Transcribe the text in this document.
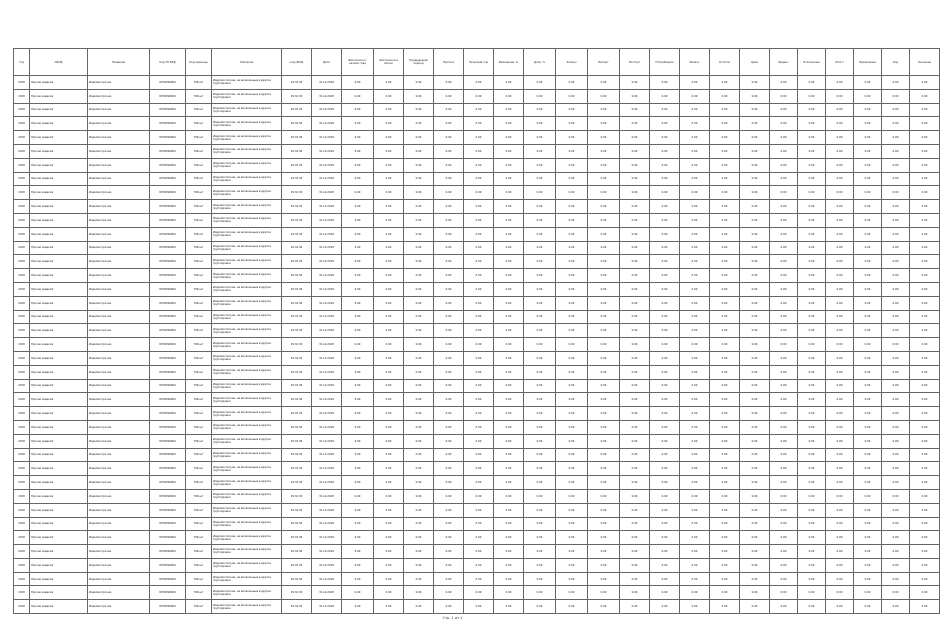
Год	ОКПД	Название	Код ТН ВЭД	Код единицы	Описание	код ОКПД	Дата	Фактически с начала года	Фактически в месяц	Предыдущий период	Прогноз	Прошлый год	Изменение, %	Доля, %	Запасы	Импорт	Экспорт	Потребление	Баланс	Остаток	Цена	Индекс	Отклонение	Итого	Примечание	Код	Значение
2018	Прочие изделия	Изделия прочие	8708299000	796 шт	Изделия прочие, не включенные в другие группировки	29.32.30	31.12.2018	0.00	0.00	0.00	0.00	0.00	0.00	0.00	0.00	0.00	0.00	0.00	0.00	0.00	0.00	0.00	0.00	0.00	0.00	0.00	0.00
2018	Прочие изделия	Изделия прочие	8708299000	796 шт	Изделия прочие, не включенные в другие группировки	29.32.30	31.12.2018	0.00	0.00	0.00	0.00	0.00	0.00	0.00	0.00	0.00	0.00	0.00	0.00	0.00	0.00	0.00	0.00	0.00	0.00	0.00	0.00
2018	Прочие изделия	Изделия прочие	8708299000	796 шт	Изделия прочие, не включенные в другие группировки	29.32.30	31.12.2018	0.00	0.00	0.00	0.00	0.00	0.00	0.00	0.00	0.00	0.00	0.00	0.00	0.00	0.00	0.00	0.00	0.00	0.00	0.00	0.00
2018	Прочие изделия	Изделия прочие	8708299000	796 шт	Изделия прочие, не включенные в другие группировки	29.32.30	31.12.2018	0.00	0.00	0.00	0.00	0.00	0.00	0.00	0.00	0.00	0.00	0.00	0.00	0.00	0.00	0.00	0.00	0.00	0.00	0.00	0.00
2018	Прочие изделия	Изделия прочие	8708299000	796 шт	Изделия прочие, не включенные в другие группировки	29.32.30	31.12.2018	0.00	0.00	0.00	0.00	0.00	0.00	0.00	0.00	0.00	0.00	0.00	0.00	0.00	0.00	0.00	0.00	0.00	0.00	0.00	0.00
2018	Прочие изделия	Изделия прочие	8708299000	796 шт	Изделия прочие, не включенные в другие группировки	29.32.30	31.12.2018	0.00	0.00	0.00	0.00	0.00	0.00	0.00	0.00	0.00	0.00	0.00	0.00	0.00	0.00	0.00	0.00	0.00	0.00	0.00	0.00
2018	Прочие изделия	Изделия прочие	8708299000	796 шт	Изделия прочие, не включенные в другие группировки	29.32.30	31.12.2018	0.00	0.00	0.00	0.00	0.00	0.00	0.00	0.00	0.00	0.00	0.00	0.00	0.00	0.00	0.00	0.00	0.00	0.00	0.00	0.00
2018	Прочие изделия	Изделия прочие	8708299000	796 шт	Изделия прочие, не включенные в другие группировки	29.32.30	31.12.2018	0.00	0.00	0.00	0.00	0.00	0.00	0.00	0.00	0.00	0.00	0.00	0.00	0.00	0.00	0.00	0.00	0.00	0.00	0.00	0.00
2018	Прочие изделия	Изделия прочие	8708299000	796 шт	Изделия прочие, не включенные в другие группировки	29.32.30	31.12.2018	0.00	0.00	0.00	0.00	0.00	0.00	0.00	0.00	0.00	0.00	0.00	0.00	0.00	0.00	0.00	0.00	0.00	0.00	0.00	0.00
2018	Прочие изделия	Изделия прочие	8708299000	796 шт	Изделия прочие, не включенные в другие группировки	29.32.30	31.12.2018	0.00	0.00	0.00	0.00	0.00	0.00	0.00	0.00	0.00	0.00	0.00	0.00	0.00	0.00	0.00	0.00	0.00	0.00	0.00	0.00
2018	Прочие изделия	Изделия прочие	8708299000	796 шт	Изделия прочие, не включенные в другие группировки	29.32.30	31.12.2018	0.00	0.00	0.00	0.00	0.00	0.00	0.00	0.00	0.00	0.00	0.00	0.00	0.00	0.00	0.00	0.00	0.00	0.00	0.00	0.00
2018	Прочие изделия	Изделия прочие	8708299000	796 шт	Изделия прочие, не включенные в другие группировки	29.32.30	31.12.2018	0.00	0.00	0.00	0.00	0.00	0.00	0.00	0.00	0.00	0.00	0.00	0.00	0.00	0.00	0.00	0.00	0.00	0.00	0.00	0.00
2018	Прочие изделия	Изделия прочие	8708299000	796 шт	Изделия прочие, не включенные в другие группировки	29.32.30	31.12.2018	0.00	0.00	0.00	0.00	0.00	0.00	0.00	0.00	0.00	0.00	0.00	0.00	0.00	0.00	0.00	0.00	0.00	0.00	0.00	0.00
2018	Прочие изделия	Изделия прочие	8708299000	796 шт	Изделия прочие, не включенные в другие группировки	29.32.30	31.12.2018	0.00	0.00	0.00	0.00	0.00	0.00	0.00	0.00	0.00	0.00	0.00	0.00	0.00	0.00	0.00	0.00	0.00	0.00	0.00	0.00
2018	Прочие изделия	Изделия прочие	8708299000	796 шт	Изделия прочие, не включенные в другие группировки	29.32.30	31.12.2018	0.00	0.00	0.00	0.00	0.00	0.00	0.00	0.00	0.00	0.00	0.00	0.00	0.00	0.00	0.00	0.00	0.00	0.00	0.00	0.00
2018	Прочие изделия	Изделия прочие	8708299000	796 шт	Изделия прочие, не включенные в другие группировки	29.32.30	31.12.2018	0.00	0.00	0.00	0.00	0.00	0.00	0.00	0.00	0.00	0.00	0.00	0.00	0.00	0.00	0.00	0.00	0.00	0.00	0.00	0.00
2018	Прочие изделия	Изделия прочие	8708299000	796 шт	Изделия прочие, не включенные в другие группировки	29.32.30	31.12.2018	0.00	0.00	0.00	0.00	0.00	0.00	0.00	0.00	0.00	0.00	0.00	0.00	0.00	0.00	0.00	0.00	0.00	0.00	0.00	0.00
2018	Прочие изделия	Изделия прочие	8708299000	796 шт	Изделия прочие, не включенные в другие группировки	29.32.30	31.12.2018	0.00	0.00	0.00	0.00	0.00	0.00	0.00	0.00	0.00	0.00	0.00	0.00	0.00	0.00	0.00	0.00	0.00	0.00	0.00	0.00
2018	Прочие изделия	Изделия прочие	8708299000	796 шт	Изделия прочие, не включенные в другие группировки	29.32.30	31.12.2018	0.00	0.00	0.00	0.00	0.00	0.00	0.00	0.00	0.00	0.00	0.00	0.00	0.00	0.00	0.00	0.00	0.00	0.00	0.00	0.00
2018	Прочие изделия	Изделия прочие	8708299000	796 шт	Изделия прочие, не включенные в другие группировки	29.32.30	31.12.2018	0.00	0.00	0.00	0.00	0.00	0.00	0.00	0.00	0.00	0.00	0.00	0.00	0.00	0.00	0.00	0.00	0.00	0.00	0.00	0.00
2018	Прочие изделия	Изделия прочие	8708299000	796 шт	Изделия прочие, не включенные в другие группировки	29.32.30	31.12.2018	0.00	0.00	0.00	0.00	0.00	0.00	0.00	0.00	0.00	0.00	0.00	0.00	0.00	0.00	0.00	0.00	0.00	0.00	0.00	0.00
2018	Прочие изделия	Изделия прочие	8708299000	796 шт	Изделия прочие, не включенные в другие группировки	29.32.30	31.12.2018	0.00	0.00	0.00	0.00	0.00	0.00	0.00	0.00	0.00	0.00	0.00	0.00	0.00	0.00	0.00	0.00	0.00	0.00	0.00	0.00
2018	Прочие изделия	Изделия прочие	8708299000	796 шт	Изделия прочие, не включенные в другие группировки	29.32.30	31.12.2018	0.00	0.00	0.00	0.00	0.00	0.00	0.00	0.00	0.00	0.00	0.00	0.00	0.00	0.00	0.00	0.00	0.00	0.00	0.00	0.00
2018	Прочие изделия	Изделия прочие	8708299000	796 шт	Изделия прочие, не включенные в другие группировки	29.32.30	31.12.2018	0.00	0.00	0.00	0.00	0.00	0.00	0.00	0.00	0.00	0.00	0.00	0.00	0.00	0.00	0.00	0.00	0.00	0.00	0.00	0.00
2018	Прочие изделия	Изделия прочие	8708299000	796 шт	Изделия прочие, не включенные в другие группировки	29.32.30	31.12.2018	0.00	0.00	0.00	0.00	0.00	0.00	0.00	0.00	0.00	0.00	0.00	0.00	0.00	0.00	0.00	0.00	0.00	0.00	0.00	0.00
2018	Прочие изделия	Изделия прочие	8708299000	796 шт	Изделия прочие, не включенные в другие группировки	29.32.30	31.12.2018	0.00	0.00	0.00	0.00	0.00	0.00	0.00	0.00	0.00	0.00	0.00	0.00	0.00	0.00	0.00	0.00	0.00	0.00	0.00	0.00
2018	Прочие изделия	Изделия прочие	8708299000	796 шт	Изделия прочие, не включенные в другие группировки	29.32.30	31.12.2018	0.00	0.00	0.00	0.00	0.00	0.00	0.00	0.00	0.00	0.00	0.00	0.00	0.00	0.00	0.00	0.00	0.00	0.00	0.00	0.00
2018	Прочие изделия	Изделия прочие	8708299000	796 шт	Изделия прочие, не включенные в другие группировки	29.32.30	31.12.2018	0.00	0.00	0.00	0.00	0.00	0.00	0.00	0.00	0.00	0.00	0.00	0.00	0.00	0.00	0.00	0.00	0.00	0.00	0.00	0.00
2018	Прочие изделия	Изделия прочие	8708299000	796 шт	Изделия прочие, не включенные в другие группировки	29.32.30	31.12.2018	0.00	0.00	0.00	0.00	0.00	0.00	0.00	0.00	0.00	0.00	0.00	0.00	0.00	0.00	0.00	0.00	0.00	0.00	0.00	0.00
2018	Прочие изделия	Изделия прочие	8708299000	796 шт	Изделия прочие, не включенные в другие группировки	29.32.30	31.12.2018	0.00	0.00	0.00	0.00	0.00	0.00	0.00	0.00	0.00	0.00	0.00	0.00	0.00	0.00	0.00	0.00	0.00	0.00	0.00	0.00
2018	Прочие изделия	Изделия прочие	8708299000	796 шт	Изделия прочие, не включенные в другие группировки	29.32.30	31.12.2018	0.00	0.00	0.00	0.00	0.00	0.00	0.00	0.00	0.00	0.00	0.00	0.00	0.00	0.00	0.00	0.00	0.00	0.00	0.00	0.00
2018	Прочие изделия	Изделия прочие	8708299000	796 шт	Изделия прочие, не включенные в другие группировки	29.32.30	31.12.2018	0.00	0.00	0.00	0.00	0.00	0.00	0.00	0.00	0.00	0.00	0.00	0.00	0.00	0.00	0.00	0.00	0.00	0.00	0.00	0.00
2018	Прочие изделия	Изделия прочие	8708299000	796 шт	Изделия прочие, не включенные в другие группировки	29.32.30	31.12.2018	0.00	0.00	0.00	0.00	0.00	0.00	0.00	0.00	0.00	0.00	0.00	0.00	0.00	0.00	0.00	0.00	0.00	0.00	0.00	0.00
2018	Прочие изделия	Изделия прочие	8708299000	796 шт	Изделия прочие, не включенные в другие группировки	29.32.30	31.12.2018	0.00	0.00	0.00	0.00	0.00	0.00	0.00	0.00	0.00	0.00	0.00	0.00	0.00	0.00	0.00	0.00	0.00	0.00	0.00	0.00
2018	Прочие изделия	Изделия прочие	8708299000	796 шт	Изделия прочие, не включенные в другие группировки	29.32.30	31.12.2018	0.00	0.00	0.00	0.00	0.00	0.00	0.00	0.00	0.00	0.00	0.00	0.00	0.00	0.00	0.00	0.00	0.00	0.00	0.00	0.00
2018	Прочие изделия	Изделия прочие	8708299000	796 шт	Изделия прочие, не включенные в другие группировки	29.32.30	31.12.2018	0.00	0.00	0.00	0.00	0.00	0.00	0.00	0.00	0.00	0.00	0.00	0.00	0.00	0.00	0.00	0.00	0.00	0.00	0.00	0.00
2018	Прочие изделия	Изделия прочие	8708299000	796 шт	Изделия прочие, не включенные в другие группировки	29.32.30	31.12.2018	0.00	0.00	0.00	0.00	0.00	0.00	0.00	0.00	0.00	0.00	0.00	0.00	0.00	0.00	0.00	0.00	0.00	0.00	0.00	0.00
2018	Прочие изделия	Изделия прочие	8708299000	796 шт	Изделия прочие, не включенные в другие группировки	29.32.30	31.12.2018	0.00	0.00	0.00	0.00	0.00	0.00	0.00	0.00	0.00	0.00	0.00	0.00	0.00	0.00	0.00	0.00	0.00	0.00	0.00	0.00
2018	Прочие изделия	Изделия прочие	8708299000	796 шт	Изделия прочие, не включенные в другие группировки	29.32.30	31.12.2018	0.00	0.00	0.00	0.00	0.00	0.00	0.00	0.00	0.00	0.00	0.00	0.00	0.00	0.00	0.00	0.00	0.00	0.00	0.00	0.00
Стр. 1 из 1
